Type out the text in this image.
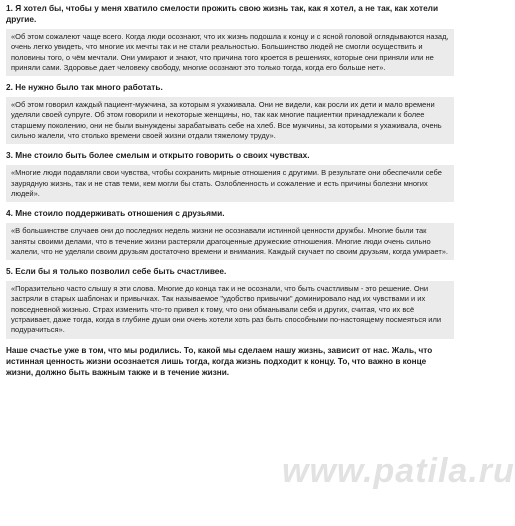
1. Я хотел бы, чтобы у меня хватило смелости прожить свою жизнь так, как я хотел, а не так, как хотели другие.
«Об этом сожалеют чаще всего. Когда люди осознают, что их жизнь подошла к концу и с ясной головой оглядываются назад, очень легко увидеть, что многие их мечты так и не стали реальностью. Большинство людей не смогли осуществить и половины того, о чём мечтали. Они умирают и знают, что причина того кроется в решениях, которые они приняли или не приняли сами. Здоровье дает человеку свободу, многие осознают это только тогда, когда его больше нет».
2. Не нужно было так много работать.
«Об этом говорил каждый пациент-мужчина, за которым я ухаживала. Они не видели, как росли их дети и мало времени уделяли своей супруге. Об этом говорили и некоторые женщины, но, так как многие пациентки принадлежали к более старшему поколению, они не были вынуждены зарабатывать себе на хлеб. Все мужчины, за которыми я ухаживала, очень сильно жалели, что столько времени своей жизни отдали тяжелому труду».
3. Мне стоило быть более смелым и открыто говорить о своих чувствах.
«Многие люди подавляли свои чувства, чтобы сохранить мирные отношения с другими. В результате они обеспечили себе заурядную жизнь, так и не став теми, кем могли бы стать. Озлобленность и сожаление и есть причины болезни многих людей».
4. Мне стоило поддерживать отношения с друзьями.
«В большинстве случаев они до последних недель жизни не осознавали истинной ценности дружбы. Многие были так заняты своими делами, что в течение жизни растеряли драгоценные дружеские отношения. Многие люди очень сильно жалели, что не уделяли своим друзьям достаточно времени и внимания. Каждый скучает по своим друзьям, когда умирает».
5. Если бы я только позволил себе быть счастливее.
«Поразительно часто слышу я эти слова. Многие до конца так и не осознали, что быть счастливым - это решение. Они застряли в старых шаблонах и привычках. Так называемое "удобство привычки" доминировало над их чувствами и их повседневной жизнью. Страх изменить что-то привел к тому, что они обманывали себя и других, считая, что их всё устраивает, даже тогда, когда в глубине души они очень хотели хоть раз быть способными по-настоящему посмеяться или подурачиться».

Наше счастье уже в том, что мы родились. То, какой мы сделаем нашу жизнь, зависит от нас. Жаль, что истинная ценность жизни осознается лишь тогда, когда жизнь подходит к концу. То, что важно в конце жизни, должно быть важным также и в течение жизни.

www.patila.ru
